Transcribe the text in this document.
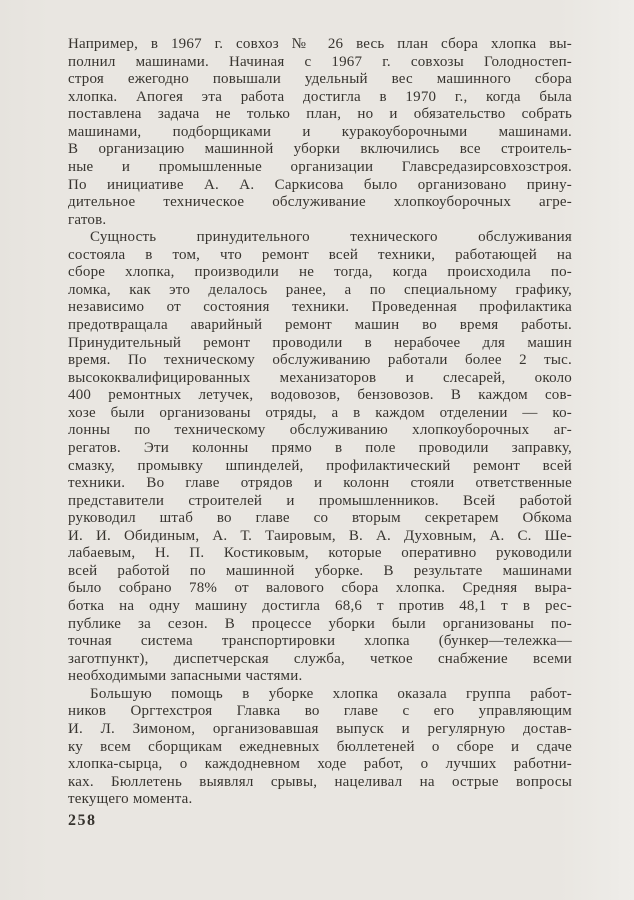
Например, в 1967 г. совхоз № 26 весь план сбора хлопка вы-
полнил машинами. Начиная с 1967 г. совхозы Голодностеп-
строя ежегодно повышали удельный вес машинного сбора
хлопка. Апогея эта работа достигла в 1970 г., когда была
поставлена задача не только план, но и обязательство собрать
машинами, подборщиками и куракоуборочными машинами.
В организацию машинной уборки включились все строитель-
ные и промышленные организации Главсредазирсовхозстроя.
По инициативе А. А. Саркисова было организовано прину-
дительное техническое обслуживание хлопкоуборочных агре-
гатов.
Сущность принудительного технического обслуживания
состояла в том, что ремонт всей техники, работающей на
сборе хлопка, производили не тогда, когда происходила по-
ломка, как это делалось ранее, а по специальному графику,
независимо от состояния техники. Проведенная профилактика
предотвращала аварийный ремонт машин во время работы.
Принудительный ремонт проводили в нерабочее для машин
время. По техническому обслуживанию работали более 2 тыс.
высококвалифицированных механизаторов и слесарей, около
400 ремонтных летучек, водовозов, бензовозов. В каждом сов-
хозе были организованы отряды, а в каждом отделении — ко-
лонны по техническому обслуживанию хлопкоуборочных аг-
регатов. Эти колонны прямо в поле проводили заправку,
смазку, промывку шпинделей, профилактический ремонт всей
техники. Во главе отрядов и колонн стояли ответственные
представители строителей и промышленников. Всей работой
руководил штаб во главе со вторым секретарем Обкома
И. И. Обидиным, А. Т. Таировым, В. А. Духовным, А. С. Ше-
лабаевым, Н. П. Костиковым, которые оперативно руководили
всей работой по машинной уборке. В результате машинами
было собрано 78% от валового сбора хлопка. Средняя выра-
ботка на одну машину достигла 68,6 т против 48,1 т в рес-
публике за сезон. В процессе уборки были организованы по-
точная система транспортировки хлопка (бункер—тележка—
заготпункт), диспетчерская служба, четкое снабжение всеми
необходимыми запасными частями.
Большую помощь в уборке хлопка оказала группа работ-
ников Оргтехстроя Главка во главе с его управляющим
И. Л. Зимоном, организовавшая выпуск и регулярную достав-
ку всем сборщикам ежедневных бюллетеней о сборе и сдаче
хлопка-сырца, о каждодневном ходе работ, о лучших работни-
ках. Бюллетень выявлял срывы, нацеливал на острые вопросы
текущего момента.
258
